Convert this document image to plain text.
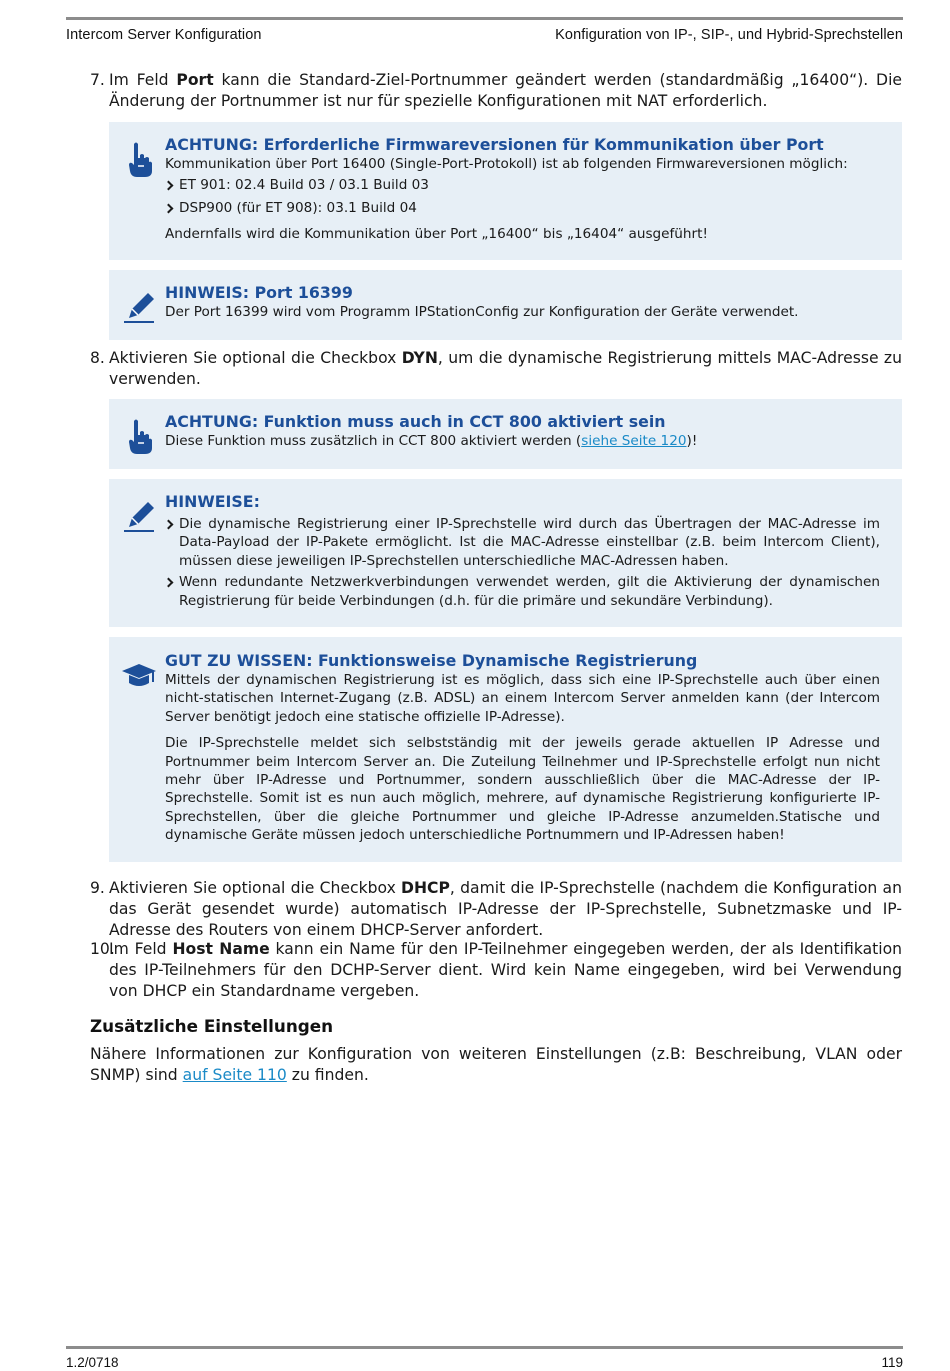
Intercom Server Konfiguration	Konfiguration von IP-, SIP-, und Hybrid-Sprechstellen
7. Im Feld Port kann die Standard-Ziel-Portnummer geändert werden (standardmäßig „16400“). Die Änderung der Portnummer ist nur für spezielle Konfigurationen mit NAT erforderlich.
ACHTUNG: Erforderliche Firmwareversionen für Kommunikation über Port
Kommunikation über Port 16400 (Single-Port-Protokoll) ist ab folgenden Firmwareversionen möglich:
ET 901: 02.4 Build 03 / 03.1 Build 03
DSP900 (für ET 908): 03.1 Build 04
Andernfalls wird die Kommunikation über Port „16400“ bis „16404“ ausgeführt!
HINWEIS: Port 16399
Der Port 16399 wird vom Programm IPStationConfig zur Konfiguration der Geräte verwendet.
8. Aktivieren Sie optional die Checkbox DYN, um die dynamische Registrierung mittels MAC-Adresse zu verwenden.
ACHTUNG: Funktion muss auch in CCT 800 aktiviert sein
Diese Funktion muss zusätzlich in CCT 800 aktiviert werden (siehe Seite 120)!
HINWEISE:
Die dynamische Registrierung einer IP-Sprechstelle wird durch das Übertragen der MAC-Adresse im Data-Payload der IP-Pakete ermöglicht. Ist die MAC-Adresse einstellbar (z.B. beim Intercom Client), müssen diese jeweiligen IP-Sprechstellen unterschiedliche MAC-Adressen haben.
Wenn redundante Netzwerkverbindungen verwendet werden, gilt die Aktivierung der dynamischen Registrierung für beide Verbindungen (d.h. für die primäre und sekundäre Verbindung).
GUT ZU WISSEN: Funktionsweise Dynamische Registrierung
Mittels der dynamischen Registrierung ist es möglich, dass sich eine IP-Sprechstelle auch über einen nicht-statischen Internet-Zugang (z.B. ADSL) an einem Intercom Server anmelden kann (der Intercom Server benötigt jedoch eine statische offizielle IP-Adresse).
Die IP-Sprechstelle meldet sich selbstständig mit der jeweils gerade aktuellen IP Adresse und Portnummer beim Intercom Server an. Die Zuteilung Teilnehmer und IP-Sprechstelle erfolgt nun nicht mehr über IP-Adresse und Portnummer, sondern ausschließlich über die MAC-Adresse der IP-Sprechstelle. Somit ist es nun auch möglich, mehrere, auf dynamische Registrierung konfigurierte IP-Sprechstellen, über die gleiche Portnummer und gleiche IP-Adresse anzumelden.Statische und dynamische Geräte müssen jedoch unterschiedliche Portnummern und IP-Adressen haben!
9. Aktivieren Sie optional die Checkbox DHCP, damit die IP-Sprechstelle (nachdem die Konfiguration an das Gerät gesendet wurde) automatisch IP-Adresse der IP-Sprechstelle, Subnetzmaske und IP-Adresse des Routers von einem DHCP-Server anfordert.
10.
Im Feld Host Name kann ein Name für den IP-Teilnehmer eingegeben werden, der als Identifikation des IP-Teilnehmers für den DCHP-Server dient. Wird kein Name eingegeben, wird bei Verwendung von DHCP ein Standardname vergeben.
Zusätzliche Einstellungen
Nähere Informationen zur Konfiguration von weiteren Einstellungen (z.B: Beschreibung, VLAN oder SNMP) sind auf Seite 110 zu finden.
1.2/0718	119
